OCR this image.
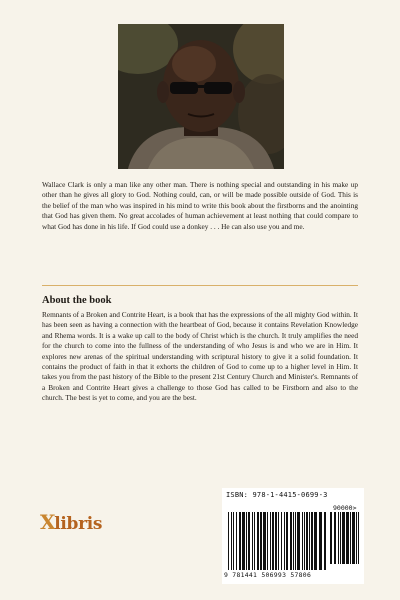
Wallace Clark is only a man like any other man. There is nothing special and outstanding in his make up other than he gives all glory to God. Nothing could, can, or will be made possible outside of God. This is the belief of the man who was inspired in his mind to write this book about the firstborns and the anointing that God has given them. No great accolades of human achievement at least nothing that could compare to what God has done in his life. If God could use a donkey . . . He can also use you and me.

About the book

Remnants of a Broken and Contrite Heart, is a book that has the expressions of the all mighty God within. It has been seen as having a connection with the heartbeat of God, because it contains Revelation Knowledge and Rhema words. It is a wake up call to the body of Christ which is the church. It truly amplifies the need for the church to come into the fullness of the understanding of who Jesus is and who we are in Him. It explores new arenas of the spiritual understanding with scriptural history to give it a solid foundation. It contains the product of faith in that it exhorts the children of God to come up to a higher level in Him. It takes you from the past history of the Bible to the present 21st Century Church and Minister's. Remnants of a Broken and Contrite Heart gives a challenge to those God has called to be Firstborn and also to the church. The best is yet to come, and you are the best.

Xlibris
ISBN: 978-1-4415-0699-3
90000>
9 781441 506993 57806
